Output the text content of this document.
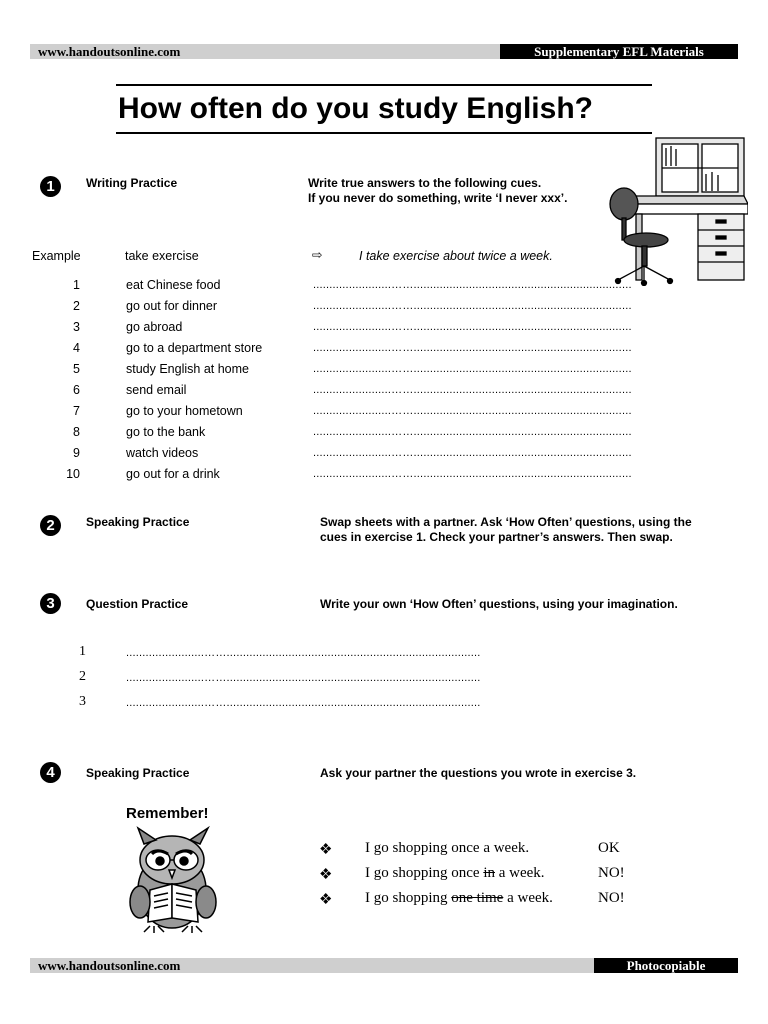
www.handoutsonline.com	Supplementary EFL Materials
How often do you study English?
1	Writing Practice	Write true answers to the following cues.
If you never do something, write ‘I never xxx’.
Example	take exercise	⇨	I take exercise about twice a week.
1	eat Chinese food	........................……...................................................................
2	go out for dinner	........................……...................................................................
3	go abroad	........................……...................................................................
4	go to a department store	........................……...................................................................
5	study English at home	........................……...................................................................
6	send email	........................……...................................................................
7	go to your hometown	........................……...................................................................
8	go to the bank	........................……...................................................................
9	watch videos	........................……...................................................................
10	go out for a drink	........................……...................................................................
2	Speaking Practice	Swap sheets with a partner. Ask ‘How Often’ questions, using the
cues in exercise 1. Check your partner’s answers. Then swap.
3	Question Practice	Write your own ‘How Often’ questions, using your imagination.
1	........................……..............................................................................
2	........................……..............................................................................
3	........................……..............................................................................
4	Speaking Practice	Ask your partner the questions you wrote in exercise 3.
Remember!
❖ I go shopping once a week.	OK
❖ I go shopping once in a week.	NO!
❖ I go shopping one time a week.	NO!
www.handoutsonline.com	Photocopiable
